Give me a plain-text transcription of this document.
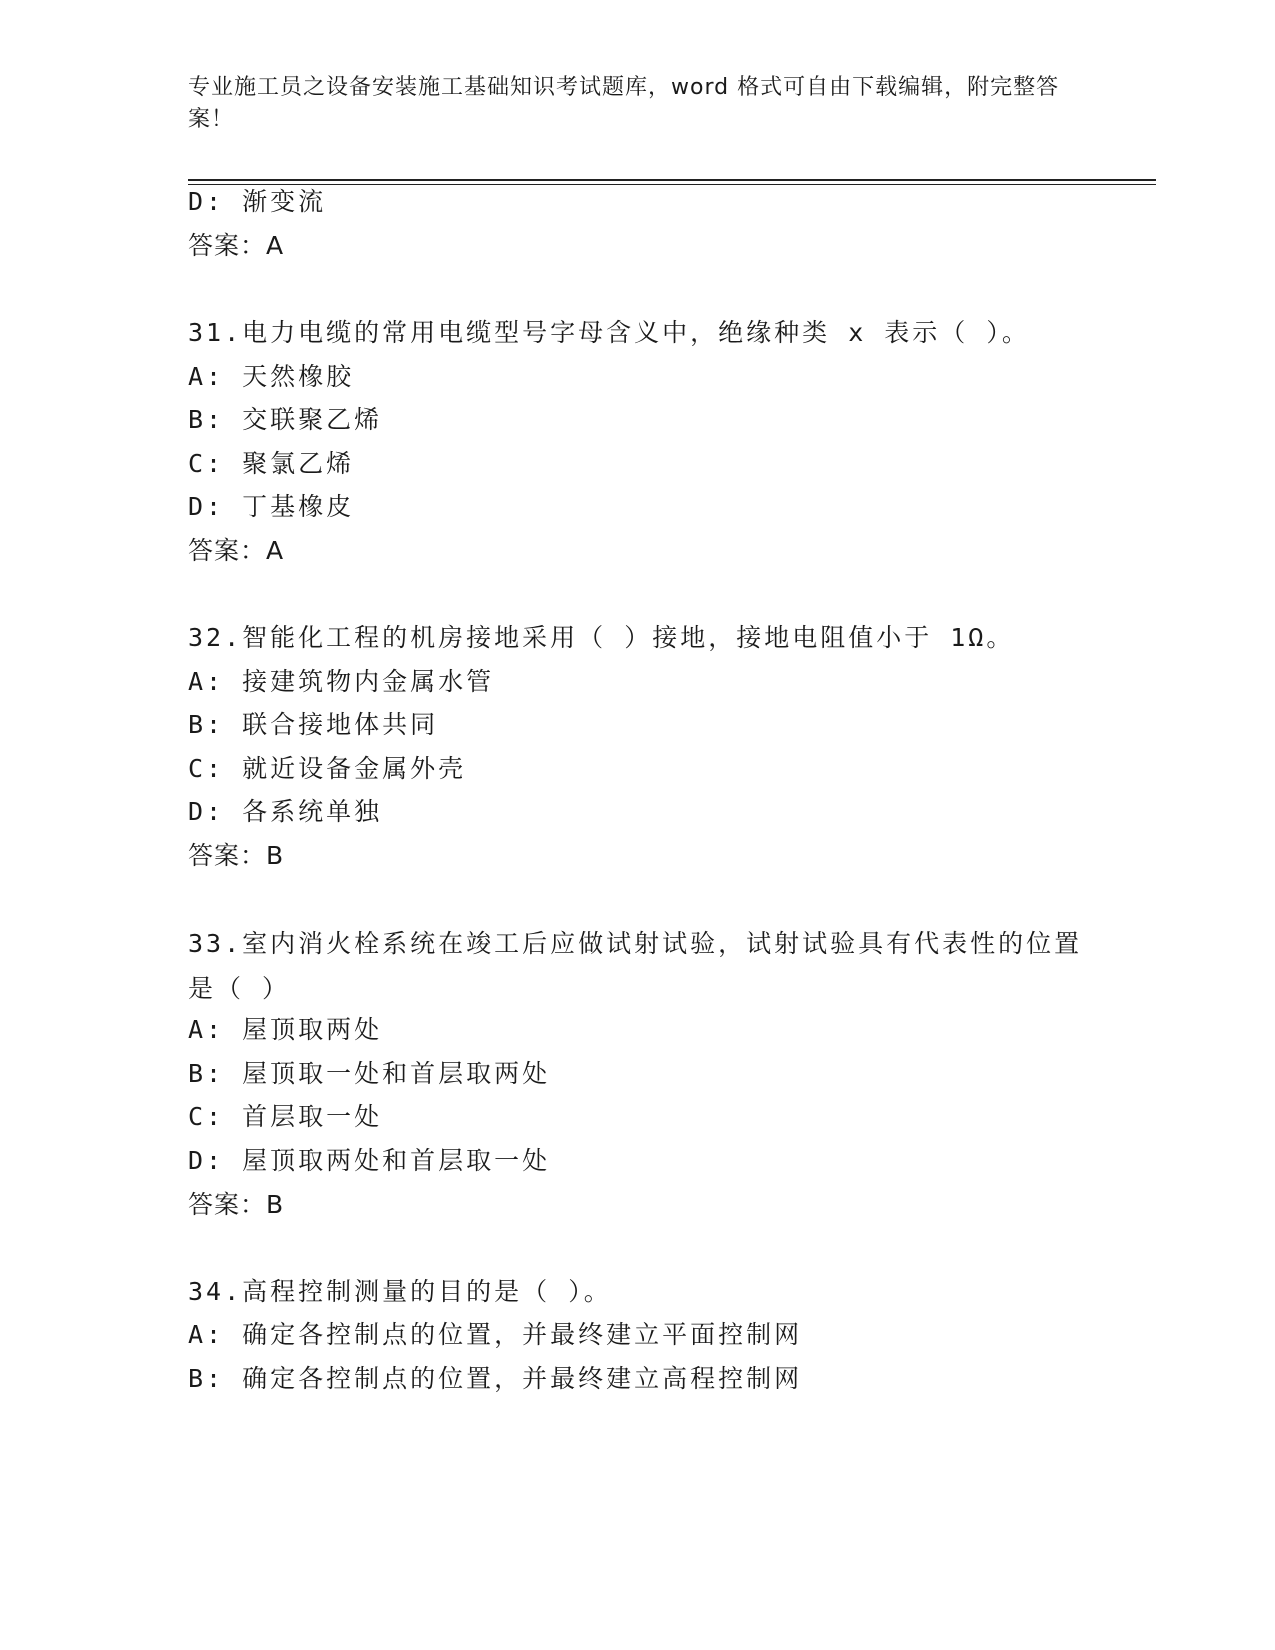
专业施工员之设备安装施工基础知识考试题库，word 格式可自由下载编辑，附完整答案！
D: 渐变流
答案：A
31.电力电缆的常用电缆型号字母含义中，绝缘种类 x 表示（ ）。
A: 天然橡胶
B: 交联聚乙烯
C: 聚氯乙烯
D: 丁基橡皮
答案：A
32.智能化工程的机房接地采用（ ）接地，接地电阻值小于 1Ω。
A: 接建筑物内金属水管
B: 联合接地体共同
C: 就近设备金属外壳
D: 各系统单独
答案：B
33.室内消火栓系统在竣工后应做试射试验，试射试验具有代表性的位置是（ ）
A: 屋顶取两处
B: 屋顶取一处和首层取两处
C: 首层取一处
D: 屋顶取两处和首层取一处
答案：B
34.高程控制测量的目的是（ ）。
A: 确定各控制点的位置，并最终建立平面控制网
B: 确定各控制点的位置，并最终建立高程控制网
